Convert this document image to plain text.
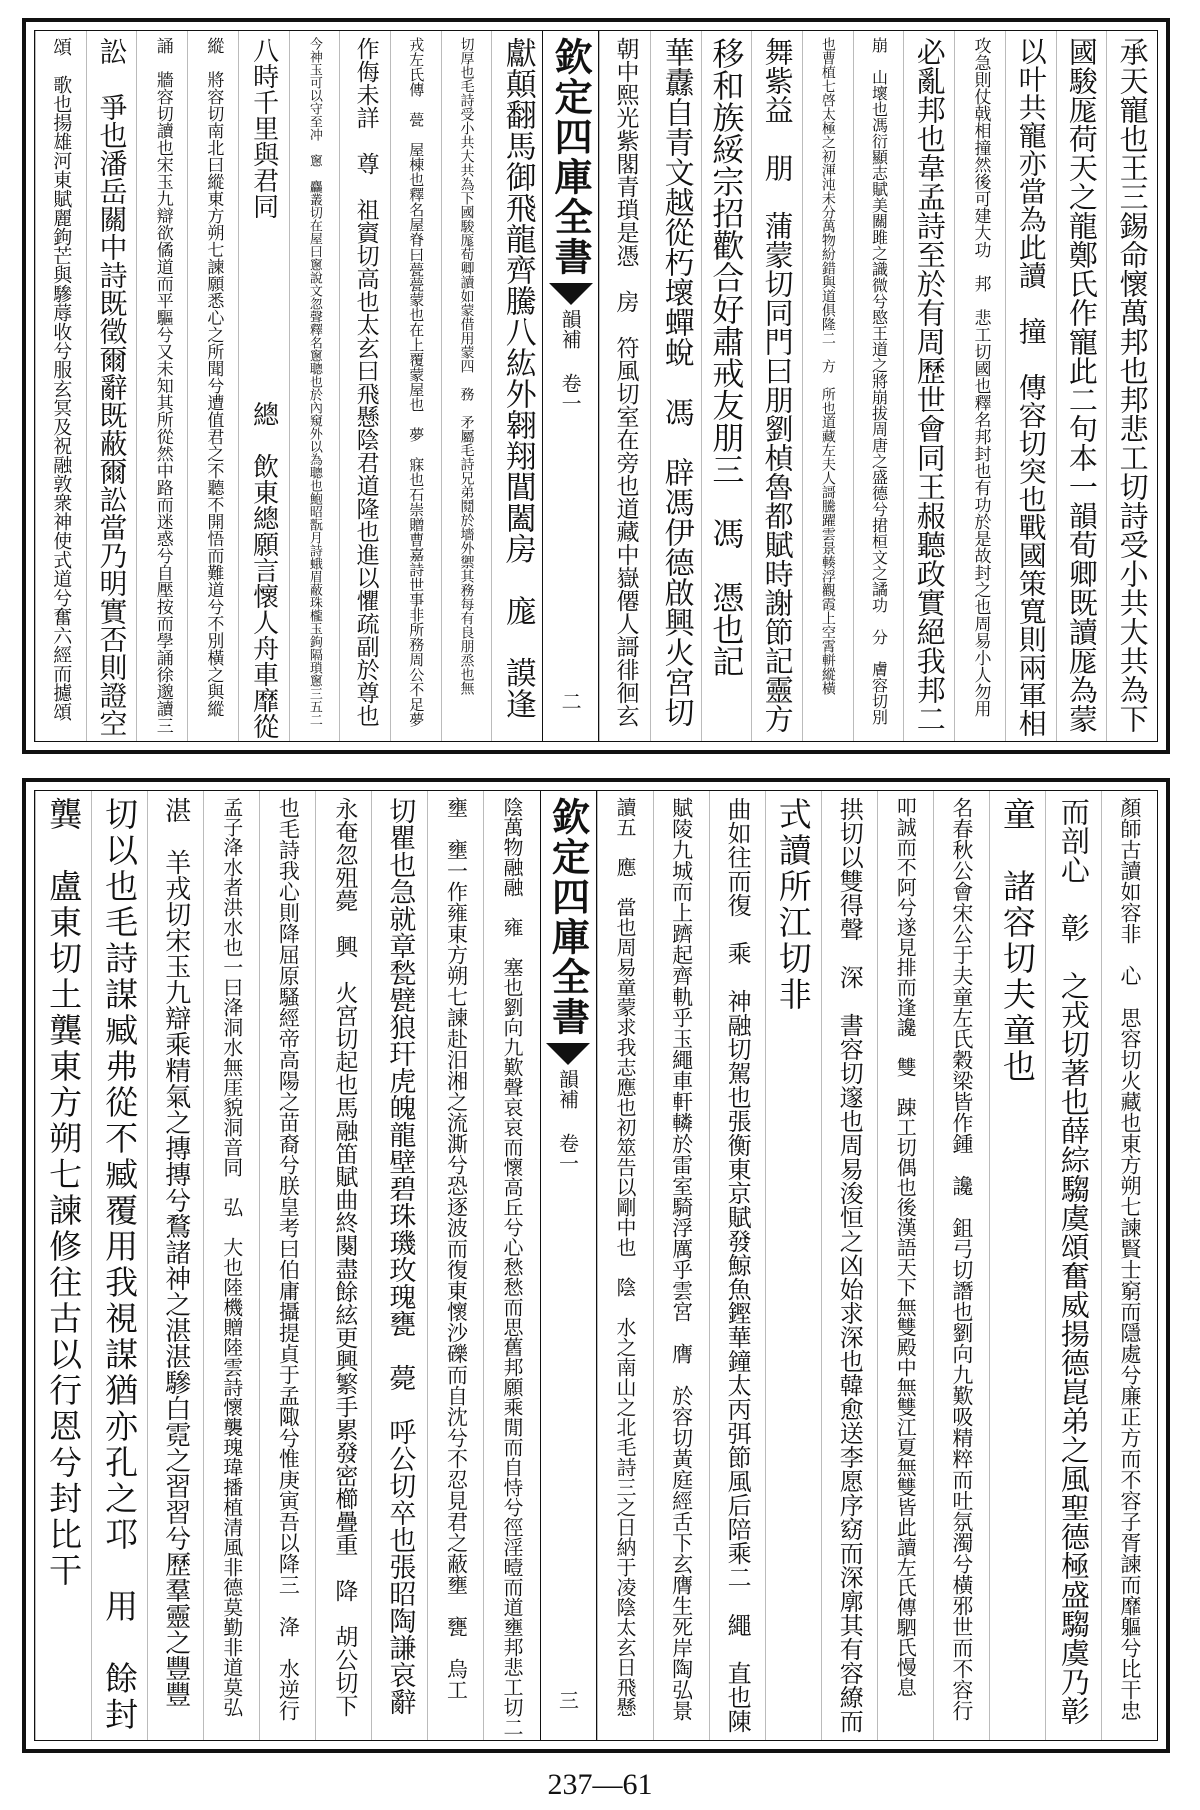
承天寵也王三錫命懷萬邦也邦悲工切詩受小共大共為下
國駿厖荷天之龍鄭氏作寵此二句本一韻荀卿既讀厖為蒙
以叶共寵亦當為此讀　撞　傳容切突也戰國策寬則兩軍相
攻急則仗戟相撞然後可建大功　邦　悲工切國也釋名邦封也有功於是故封之也周易小人勿用
必亂邦也韋孟詩至於有周歷世會同王赧聽政實絕我邦二
崩　山壞也馮衍顯志賦美關雎之識微兮愍王道之將崩拔周唐之盛德兮捃桓文之譎功　分　膚容切別
也曹植七啓太極之初渾沌未分萬物紛錯與道俱隆二　方　所也道藏左夫人謌騰躍雲景輳浮觀霞上空霄軿縱橫
舞紫益　朋　蒲蒙切同門曰朋劉楨魯都賦時謝節記靈方
移和族綏宗招歡合好肅戒友朋三　馮　憑也記
華纛自青文越從朽壞蟬蛻　馮　辟馮伊德啟興火宮切
朝中熙光紫閣青瑣是憑　房　符風切室在旁也道藏中嶽僊人謌徘徊玄
欽定四庫全書
韻補 卷一
二
獻顛翻馬御飛龍齊騰八紘外翱翔閶闔房　庬　謨逢
切厚也毛詩受小共大共為下國駿厖荀卿讀如蒙借用蒙四　務　矛屬毛詩兄弟鬩於墻外禦其務每有良朋烝也無
戎左氏傳　甍　屋棟也釋名屋脊曰甍甍蒙也在上覆蒙屋也　夢　寐也石崇贈曹嘉詩世事非所務周公不足夢
作侮未詳　尊　祖賨切高也太玄曰飛懸陰君道隆也進以懼疏副於尊也
今神玉可以守至冲　窻　麤叢切在屋曰窻說文忽聲釋名窻聰也於內窺外以為聰也鮑昭翫月詩蛾眉蔽珠櫳玉鉤隔瑣窻三五二
八時千里與君同　　　　　　　總　飲東總願言懷人舟車靡從
縱　將容切南北曰縱東方朔七諫願悉心之所聞兮遭值君之不聽不開悟而難道兮不別橫之與縱
誦　牆容切讀也宋玉九辯欲僪道而平驅兮又未知其所從然中路而迷惑兮自壓按而學誦徐邈讀三
訟　爭也潘岳關中詩既徵爾辭既蔽爾訟當乃明實否則證空
頌　歌也揚雄河東賦麗鉤芒與驂蓐收兮服玄冥及祝融敦衆神使式道兮奮六經而攄頌
顏師古讀如容非　心　思容切火藏也東方朔七諫賢士窮而隱處兮廉正方而不容子胥諫而靡軀兮比干忠
而剖心　彰　之戎切著也薛綜騶虞頌奮威揚德崑弟之風聖德極盛騶虞乃彰
童　諸容切夫童也
名春秋公會宋公于夫童左氏穀梁皆作鍾　讒　鉏弓切譖也劉向九歎吸精粹而吐氛濁兮橫邪世而不容行
叩誠而不阿兮遂見排而逢讒　雙　踈工切偶也後漢語天下無雙殿中無雙江夏無雙皆此讀左氏傳駟氏慢息
拱切以雙得聲　深　書容切邃也周易浚恒之凶始求深也韓愈送李愿序窈而深廓其有容繚而
式讀所江切非
曲如往而復　乘　神融切駕也張衡東京賦發鯨魚鏗華鐘太丙弭節風后陪乘二　繩　直也陳
賦陵九城而上躋起齊軌乎玉繩車軒轔於雷室騎浮厲乎雲宮　膺　於容切黃庭經舌下玄膺生死岸陶弘景
讀五　應　當也周易童蒙求我志應也初筮告以剛中也　陰　水之南山之北毛詩三之日納于凌陰太玄日飛懸
欽定四庫全書
韻補 卷一
三
陰萬物融融　雍　塞也劉向九歎聲哀哀而懷高丘兮心愁愁而思舊邦願乘閒而自恃兮徑淫曀而道壅邦悲工切二
壅　壅一作雍東方朔七諫赴汨湘之流澌兮恐逐波而復東懷沙礫而自沈兮不忍見君之蔽壅　甕　烏工
切瞿也急就章甃甓狼玕虎魄龍壁碧珠璣玫瑰甕　薨　呼公切卒也張昭陶謙哀辭
永奄忽殂薨　興　火宮切起也馬融笛賦曲終闋盡餘絃更興繁手累發密櫛疊重　降　胡公切下
也毛詩我心則降屈原騷經帝高陽之苗裔兮朕皇考曰伯庸攝提貞于孟陬兮惟庚寅吾以降三　洚　水逆行
孟子洚水者洪水也一曰洚洞水無厓貌洞音同　弘　大也陸機贈陸雲詩懷襲瑰瑋播植清風非德莫勤非道莫弘
湛　羊戎切宋玉九辯乘精氣之摶摶兮鶩諸神之湛湛驂白霓之習習兮歷羣靈之豐豐
切以也毛詩謀臧弗從不臧覆用我視謀猶亦孔之邛　用　餘封
龔　盧東切土龔東方朔七諫修往古以行恩兮封比干
237—61
